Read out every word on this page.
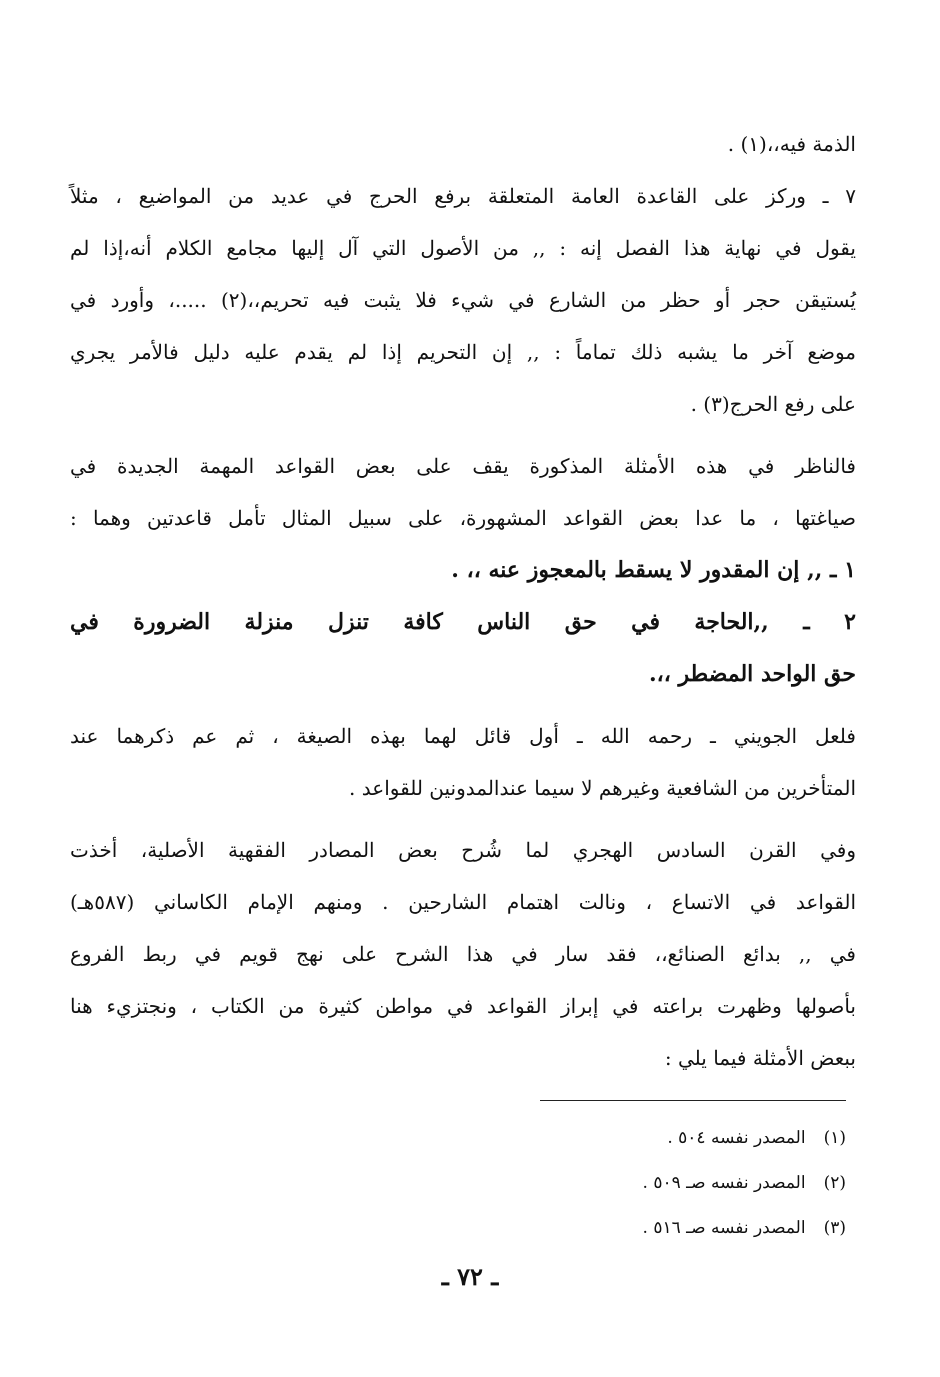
الذمة فيه،،(١) .
٧ ـ وركز على القاعدة العامة المتعلقة برفع الحرج في عديد من المواضيع ، مثلاً
يقول في نهاية هذا الفصل إنه : ,, من الأصول التي آل إليها مجامع الكلام أنه،إذا لم
يُستيقن حجر أو حظر من الشارع في شيء فلا يثبت فيه تحريم،،(٢) .....، وأورد في
موضع آخر ما يشبه ذلك تماماً : ,, إن التحريم إذا لم يقدم عليه دليل فالأمر يجري
على رفع الحرج(٣) .
فالناظر في هذه الأمثلة المذكورة يقف على بعض القواعد المهمة الجديدة في
صياغتها ، ما عدا بعض القواعد المشهورة، على سبيل المثال تأمل قاعدتين وهما :
١ ـ ,, إن المقدور لا يسقط بالمعجوز عنه ،، .
٢ ـ ,,الحاجة في حق الناس كافة تنزل منزلة الضرورة في
حق الواحد المضطر ،،.
فلعل الجويني ـ رحمه الله ـ أول قائل لهما بهذه الصيغة ، ثم عم ذكرهما عند
المتأخرين من الشافعية وغيرهم لا سيما عندالمدونين للقواعد .
وفي القرن السادس الهجري لما شُرح بعض المصادر الفقهية الأصلية، أخذت
القواعد في الاتساع ، ونالت اهتمام الشارحين . ومنهم الإمام الكاساني (٥٨٧هـ)
في ,, بدائع الصنائع،، فقد سار في هذا الشرح على نهج قويم في ربط الفروع
بأصولها وظهرت براعته في إبراز القواعد في مواطن كثيرة من الكتاب ، ونجتزيء هنا
ببعض الأمثلة فيما يلي :
(١)
المصدر نفسه ٥٠٤ .
(٢)
المصدر نفسه صـ ٥٠٩ .
(٣)
المصدر نفسه صـ ٥١٦ .
ـ ٧٢ ـ
